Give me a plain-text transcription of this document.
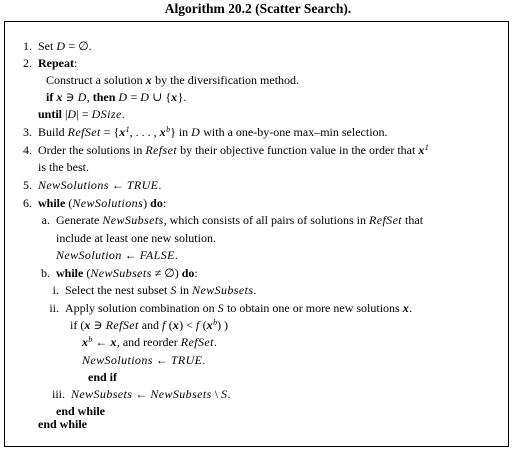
Algorithm 20.2 (Scatter Search).
1. Set D = ∅.
2. Repeat:
Construct a solution x by the diversification method.
if x ∋ D, then D = D ∪ {x}.
until |D| = DSize.
3. Build RefSet = {$x^1$, . . . , $x^b$} in D with a one-by-one max–min selection.
4. Order the solutions in Refset by their objective function value in the order that $x^1$
is the best.
5. NewSolutions ← TRUE.
6. while (NewSolutions) do:
a. Generate NewSubsets, which consists of all pairs of solutions in RefSet that
include at least one new solution.
NewSolution ← FALSE.
b. while (NewSubsets ≠ ∅) do:
i. Select the nest subset S in NewSubsets.
ii. Apply solution combination on S to obtain one or more new solutions x.
if (x ∋ RefSet and f (x) < f $(x^b)$ )
$x^b$ ← x, and reorder RefSet.
NewSolutions ← TRUE.
end if
iii. NewSubsets ← NewSubsets \ S.
end while
end while
